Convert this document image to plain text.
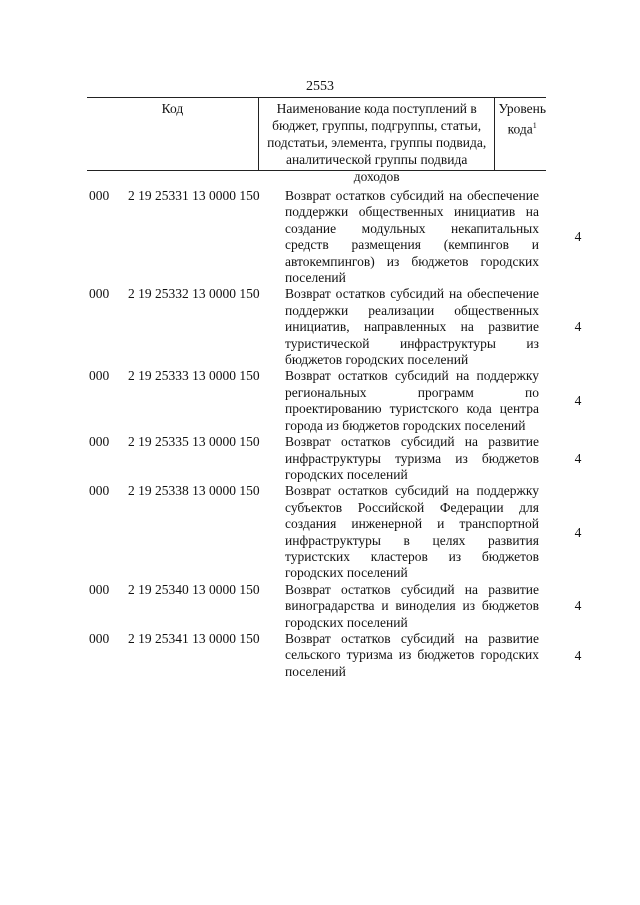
2553
Код	Наименование кода поступлений в бюджет, группы, подгруппы, статьи, подстатьи, элемента, группы подвида, аналитической группы подвида доходов
Уровень кода$^1$
000 2 19 25331 13 0000 150 Возврат остатков субсидий на обеспечение поддержки общественных инициатив на создание модульных некапитальных средств размещения (кемпингов и автокемпингов) из бюджетов городских поселений
4
000 2 19 25332 13 0000 150 Возврат остатков субсидий на обеспечение поддержки реализации общественных инициатив, направленных на развитие туристической инфраструктуры из бюджетов городских поселений
4
000 2 19 25333 13 0000 150 Возврат остатков субсидий на поддержку региональных программ по проектированию туристского кода центра города из бюджетов городских поселений
4
000 2 19 25335 13 0000 150 Возврат остатков субсидий на развитие инфраструктуры туризма из бюджетов городских поселений
4
000 2 19 25338 13 0000 150 Возврат остатков субсидий на поддержку субъектов Российской Федерации для создания инженерной и транспортной инфраструктуры в целях развития туристских кластеров из бюджетов городских поселений
4
000 2 19 25340 13 0000 150 Возврат остатков субсидий на развитие виноградарства и виноделия из бюджетов городских поселений
4
000 2 19 25341 13 0000 150 Возврат остатков субсидий на развитие сельского туризма из бюджетов городских поселений
4
